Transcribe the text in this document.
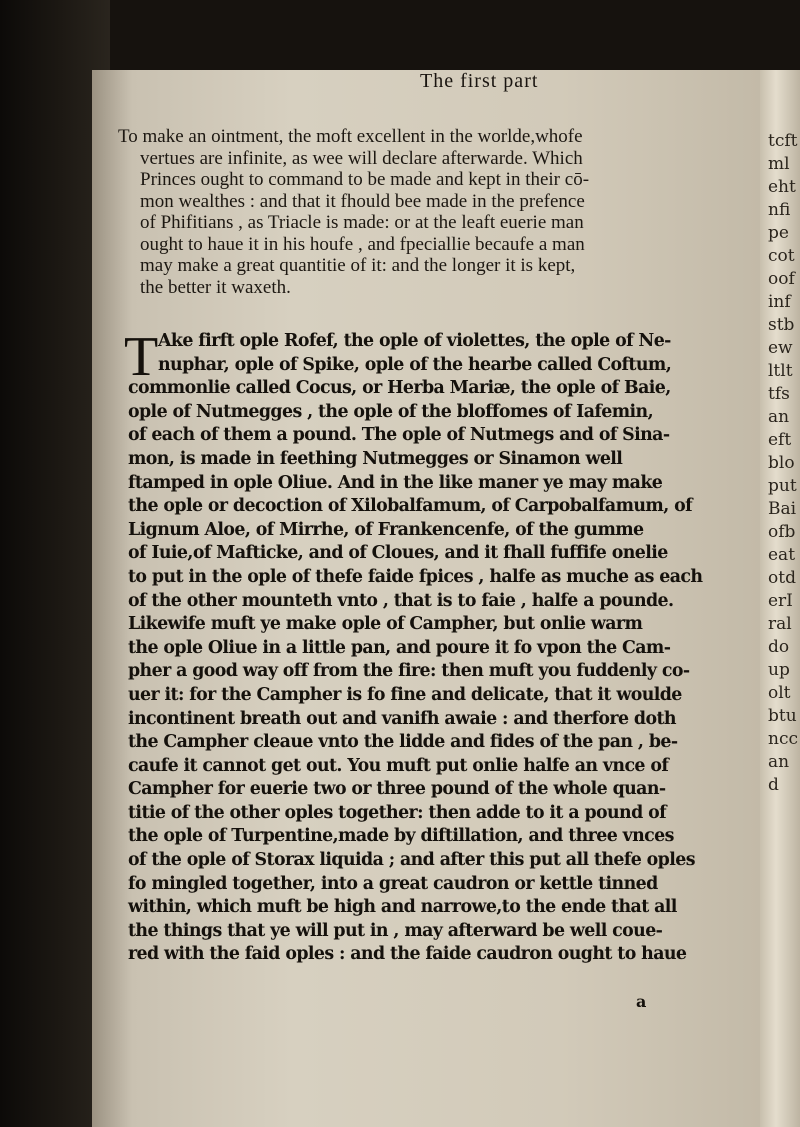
tcftmlehtnfipecotoofinfstbewltlttfsaneftbloputBaiofbeatotderIraldoupoltbtunccand
The first part

To make an ointment, the moft excellent in the worlde,whofe

vertues are infinite, as wee will declare afterwarde. Which

Princes ought to command to be made and kept in their cō-

mon wealthes : and that it fhould bee made in the prefence

of Phifitians , as Triacle is made: or at the leaft euerie man

ought to haue it in his houfe , and fpeciallie becaufe a man

may make a great quantitie of it: and the longer it is kept,

the better it waxeth.

T Ake firft ople Rofef, the ople of violettes, the ople of Ne-

nuphar, ople of Spike, ople of the hearbe called Coftum,

commonlie called Cocus, or Herba Mariæ, the ople of Baie,

ople of Nutmegges , the ople of the bloffomes of Iafemin,

of each of them a pound. The ople of Nutmegs and of Sina-

mon, is made in feething Nutmegges or Sinamon well

ftamped in ople Oliue. And in the like maner ye may make

the ople or decoction of Xilobalfamum, of Carpobalfamum, of

Lignum Aloe, of Mirrhe, of Frankencenfe, of the gumme

of Iuie,of Mafticke, and of Cloues, and it fhall fuffife onelie

to put in the ople of thefe faide fpices , halfe as muche as each

of the other mounteth vnto , that is to faie , halfe a pounde.

Likewife muft ye make ople of Campher, but onlie warm

the ople Oliue in a little pan, and poure it fo vpon the Cam-

pher a good way off from the fire: then muft you fuddenly co-

uer it: for the Campher is fo fine and delicate, that it woulde

incontinent breath out and vanifh awaie : and therfore doth

the Campher cleaue vnto the lidde and fides of the pan , be-

caufe it cannot get out. You muft put onlie halfe an vnce of

Campher for euerie two or three pound of the whole quan-

titie of the other oples together: then adde to it a pound of

the ople of Turpentine,made by diftillation, and three vnces

of the ople of Storax liquida ; and after this put all thefe oples

fo mingled together, into a great caudron or kettle tinned

within, which muft be high and narrowe,to the ende that all

the things that ye will put in , may afterward be well coue-

red with the faid oples : and the faide caudron ought to haue

a
